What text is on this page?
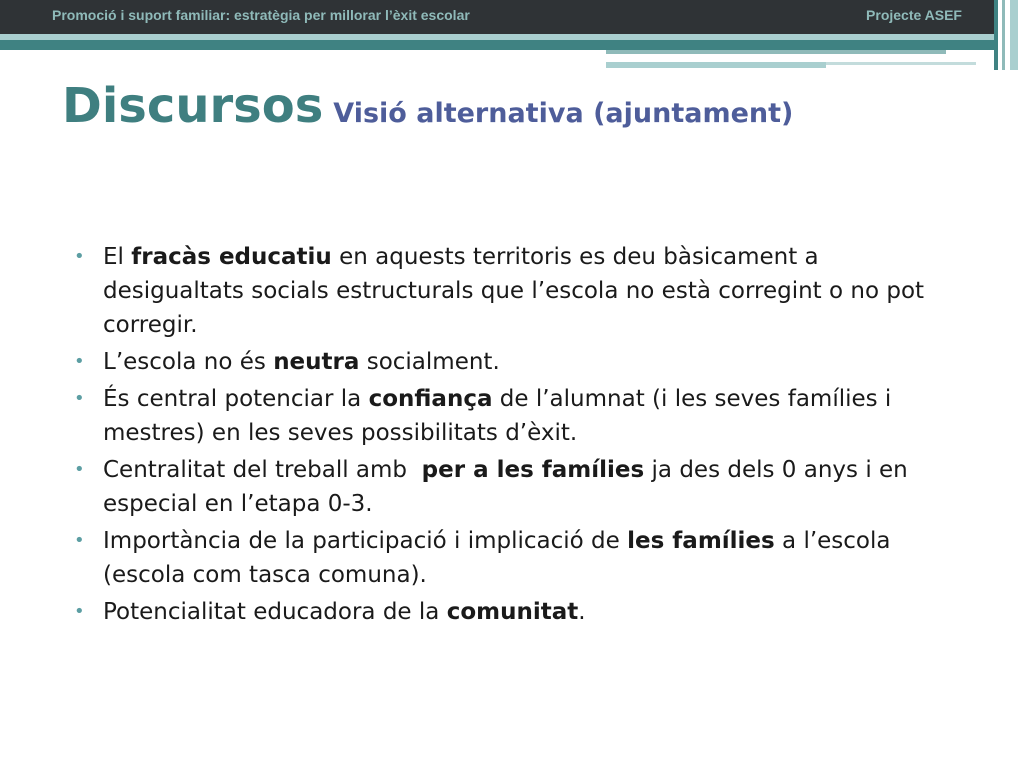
Promoció i suport familiar: estratègia per millorar l’èxit escolar	Projecte ASEF
Discursos Visió alternativa (ajuntament)
• El fracàs educatiu en aquests territoris es deu bàsicament a desigualtats socials estructurals que l’escola no està corregint o no pot corregir.
• L’escola no és neutra socialment.
• És central potenciar la confiança de l’alumnat (i les seves famílies i mestres) en les seves possibilitats d’èxit.
• Centralitat del treball amb  per a les famílies ja des dels 0 anys i en especial en l’etapa 0-3.
• Importància de la participació i implicació de les famílies a l’escola (escola com tasca comuna).
• Potencialitat educadora de la comunitat.
